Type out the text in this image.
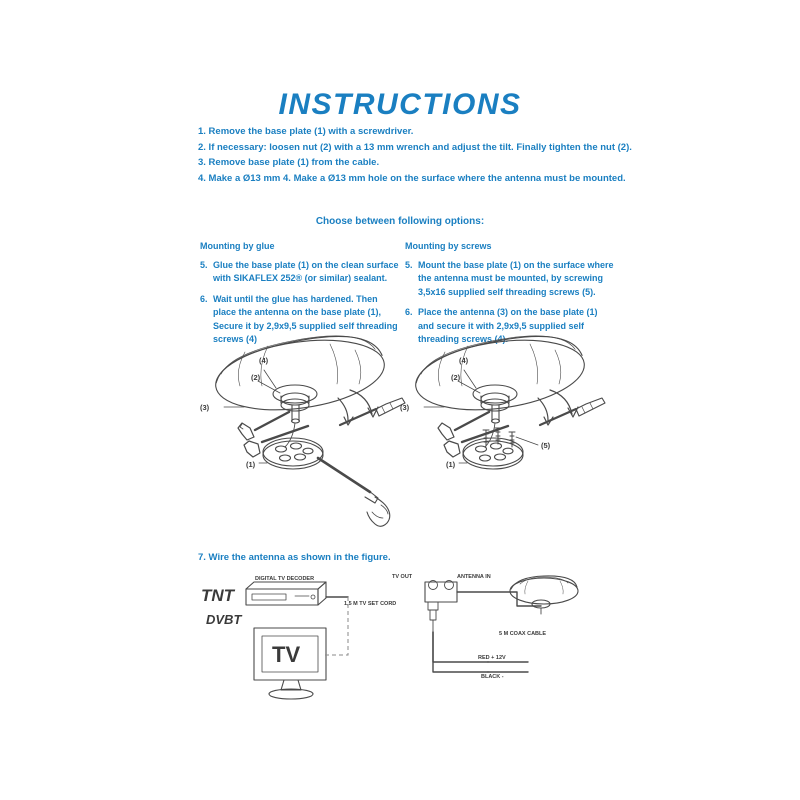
INSTRUCTIONS
1. Remove the base plate (1) with a screwdriver.
2. If necessary: loosen nut (2) with a 13 mm wrench and adjust the tilt. Finally tighten the nut (2).
3. Remove base plate (1) from the cable.
4. Make a Ø13 mm 4. Make a Ø13 mm hole on the surface where the antenna must be mounted.
Choose between following options:
Mounting by glue
5. Glue the base plate (1) on the clean surface with SIKAFLEX 252® (or similar) sealant.
6. Wait until the glue has hardened. Then place the antenna on the base plate (1), Secure it by 2,9x9,5 supplied self threading screws (4)
Mounting by screws
5. Mount the base plate (1) on the surface where the antenna must be mounted, by screwing 3,5x16 supplied self threading screws (5).
6. Place the antenna (3) on the base plate (1) and secure it with 2,9x9,5 supplied self threading screws (4).
7. Wire the antenna as shown in the figure.
(4)
(2)
(3)
(1)
(4)
(2)
(3)
(1)
(5)
TNT
DVBT
DIGITAL TV DECODER
TV
1,5 M TV SET CORD
TV OUT	ANTENNA IN
5 M COAX CABLE
RED + 12V
BLACK -
